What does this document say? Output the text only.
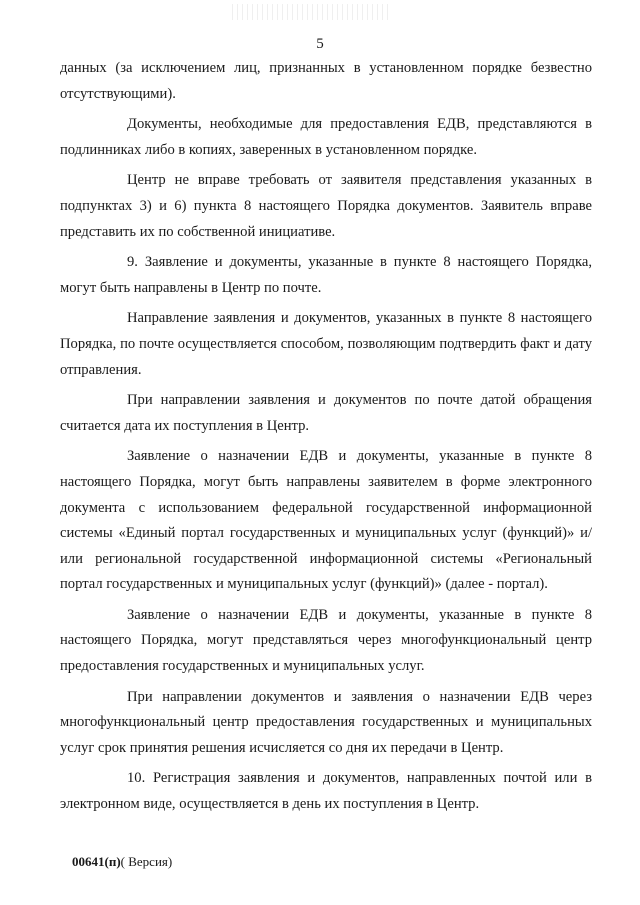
5

данных (за исключением лиц, признанных в установленном порядке безвестно отсутствующими).

Документы, необходимые для предоставления ЕДВ, представляются в подлинниках либо в копиях, заверенных в установленном порядке.

Центр не вправе требовать от заявителя представления указанных в подпунктах 3) и 6) пункта 8 настоящего Порядка документов. Заявитель вправе представить их по собственной инициативе.

9. Заявление и документы, указанные в пункте 8 настоящего Порядка, могут быть направлены в Центр по почте.

Направление заявления и документов, указанных в пункте 8 настоящего Порядка, по почте осуществляется способом, позволяющим подтвердить факт и дату отправления.

При направлении заявления и документов по почте датой обращения считается дата их поступления в Центр.

Заявление о назначении ЕДВ и документы, указанные в пункте 8 настоящего Порядка, могут быть направлены заявителем в форме электронного документа с использованием федеральной государственной информационной системы «Единый портал государственных и муниципальных услуг (функций)» и/или региональной государственной информационной системы «Региональный портал государственных и муниципальных услуг (функций)» (далее - портал).

Заявление о назначении ЕДВ и документы, указанные в пункте 8 настоящего Порядка, могут представляться через многофункциональный центр предоставления государственных и муниципальных услуг.

При направлении документов и заявления о назначении ЕДВ через многофункциональный центр предоставления государственных и муниципальных услуг срок принятия решения исчисляется со дня их передачи в Центр.

10. Регистрация заявления и документов, направленных почтой или в электронном виде, осуществляется в день их поступления в Центр.

00641(п)( Версия)
